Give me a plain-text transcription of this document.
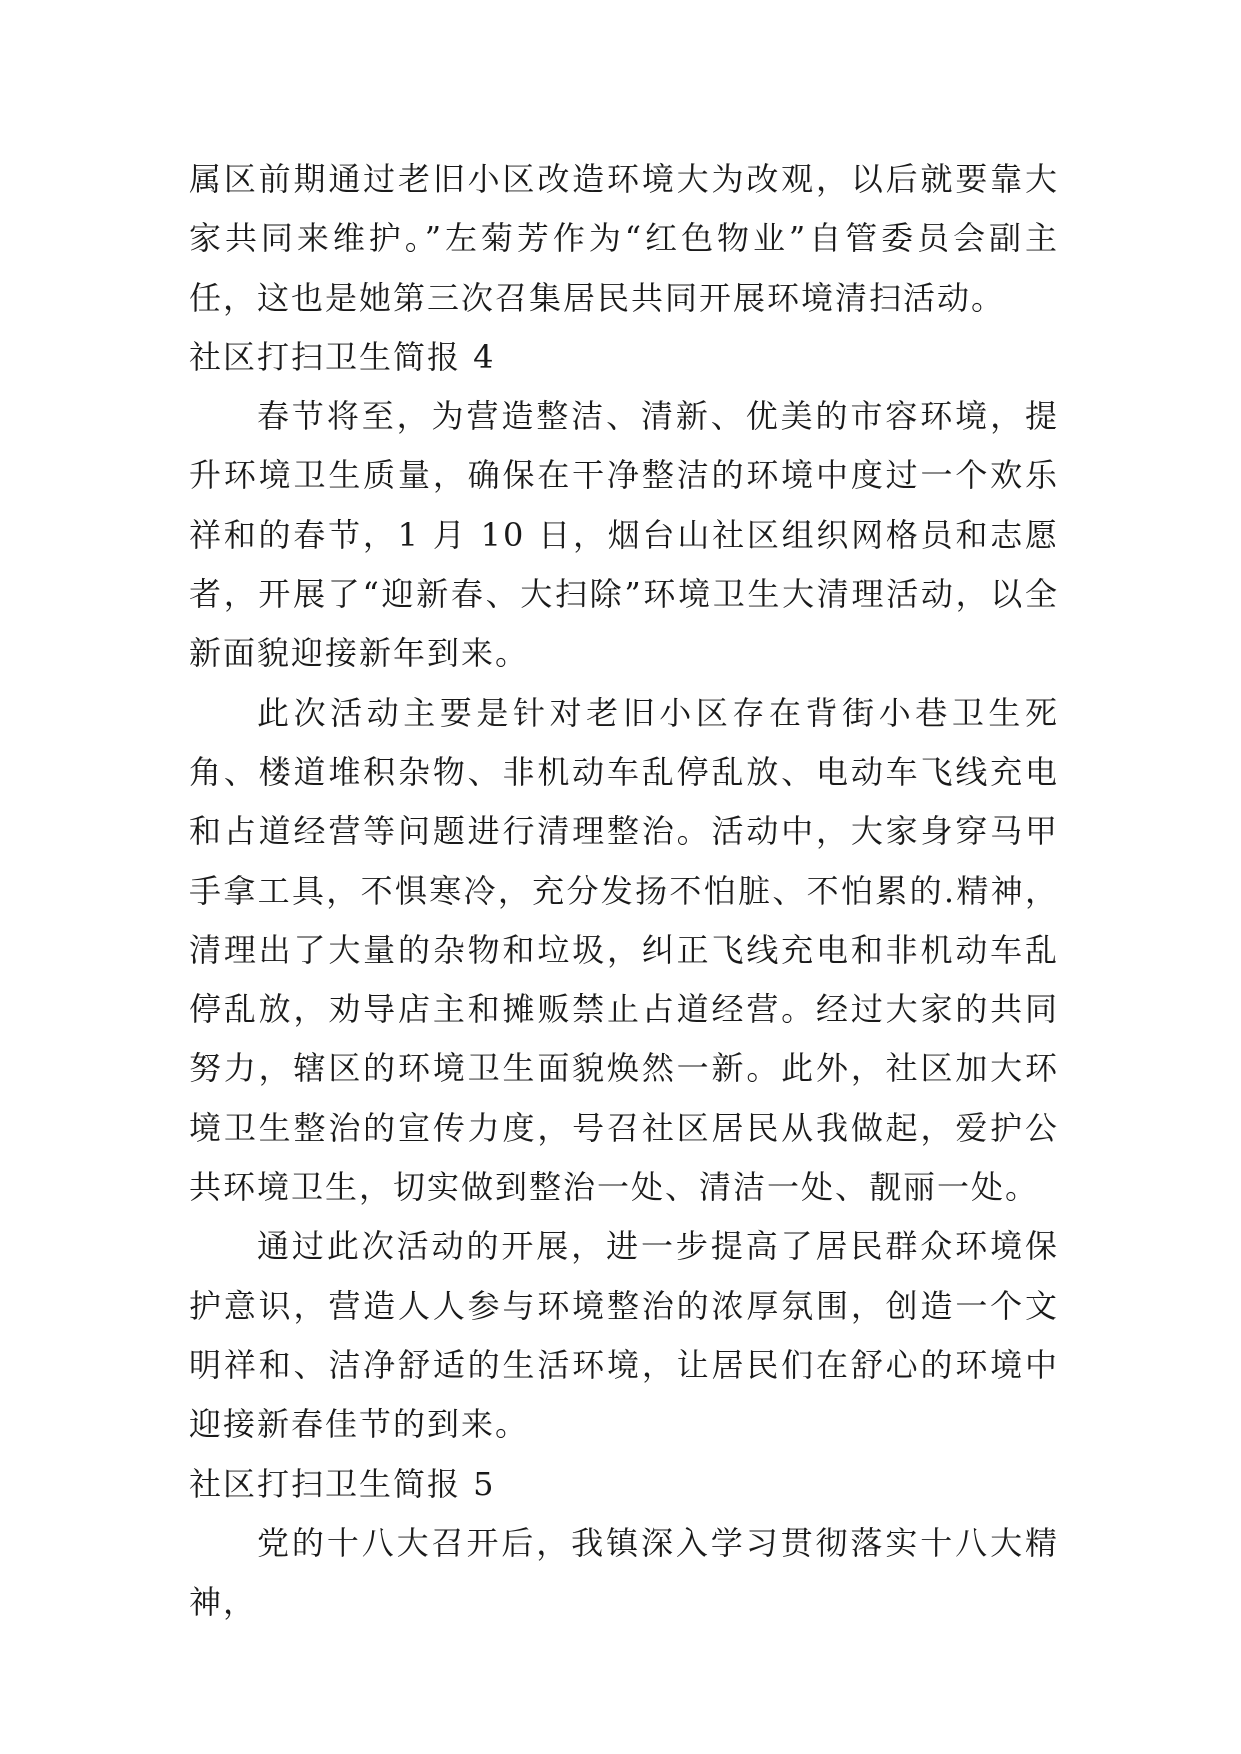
属区前期通过老旧小区改造环境大为改观，以后就要靠大家共同来维护。”左菊芳作为“红色物业”自管委员会副主任，这也是她第三次召集居民共同开展环境清扫活动。

社区打扫卫生简报 4

春节将至，为营造整洁、清新、优美的市容环境，提升环境卫生质量，确保在干净整洁的环境中度过一个欢乐祥和的春节，1 月 10 日，烟台山社区组织网格员和志愿者，开展了“迎新春、大扫除”环境卫生大清理活动，以全新面貌迎接新年到来。

此次活动主要是针对老旧小区存在背街小巷卫生死角、楼道堆积杂物、非机动车乱停乱放、电动车飞线充电和占道经营等问题进行清理整治。活动中，大家身穿马甲手拿工具，不惧寒冷，充分发扬不怕脏、不怕累的.精神，清理出了大量的杂物和垃圾，纠正飞线充电和非机动车乱停乱放，劝导店主和摊贩禁止占道经营。经过大家的共同努力，辖区的环境卫生面貌焕然一新。此外，社区加大环境卫生整治的宣传力度，号召社区居民从我做起，爱护公共环境卫生，切实做到整治一处、清洁一处、靓丽一处。

通过此次活动的开展，进一步提高了居民群众环境保护意识，营造人人参与环境整治的浓厚氛围，创造一个文明祥和、洁净舒适的生活环境，让居民们在舒心的环境中迎接新春佳节的到来。

社区打扫卫生简报 5

党的十八大召开后，我镇深入学习贯彻落实十八大精神，
